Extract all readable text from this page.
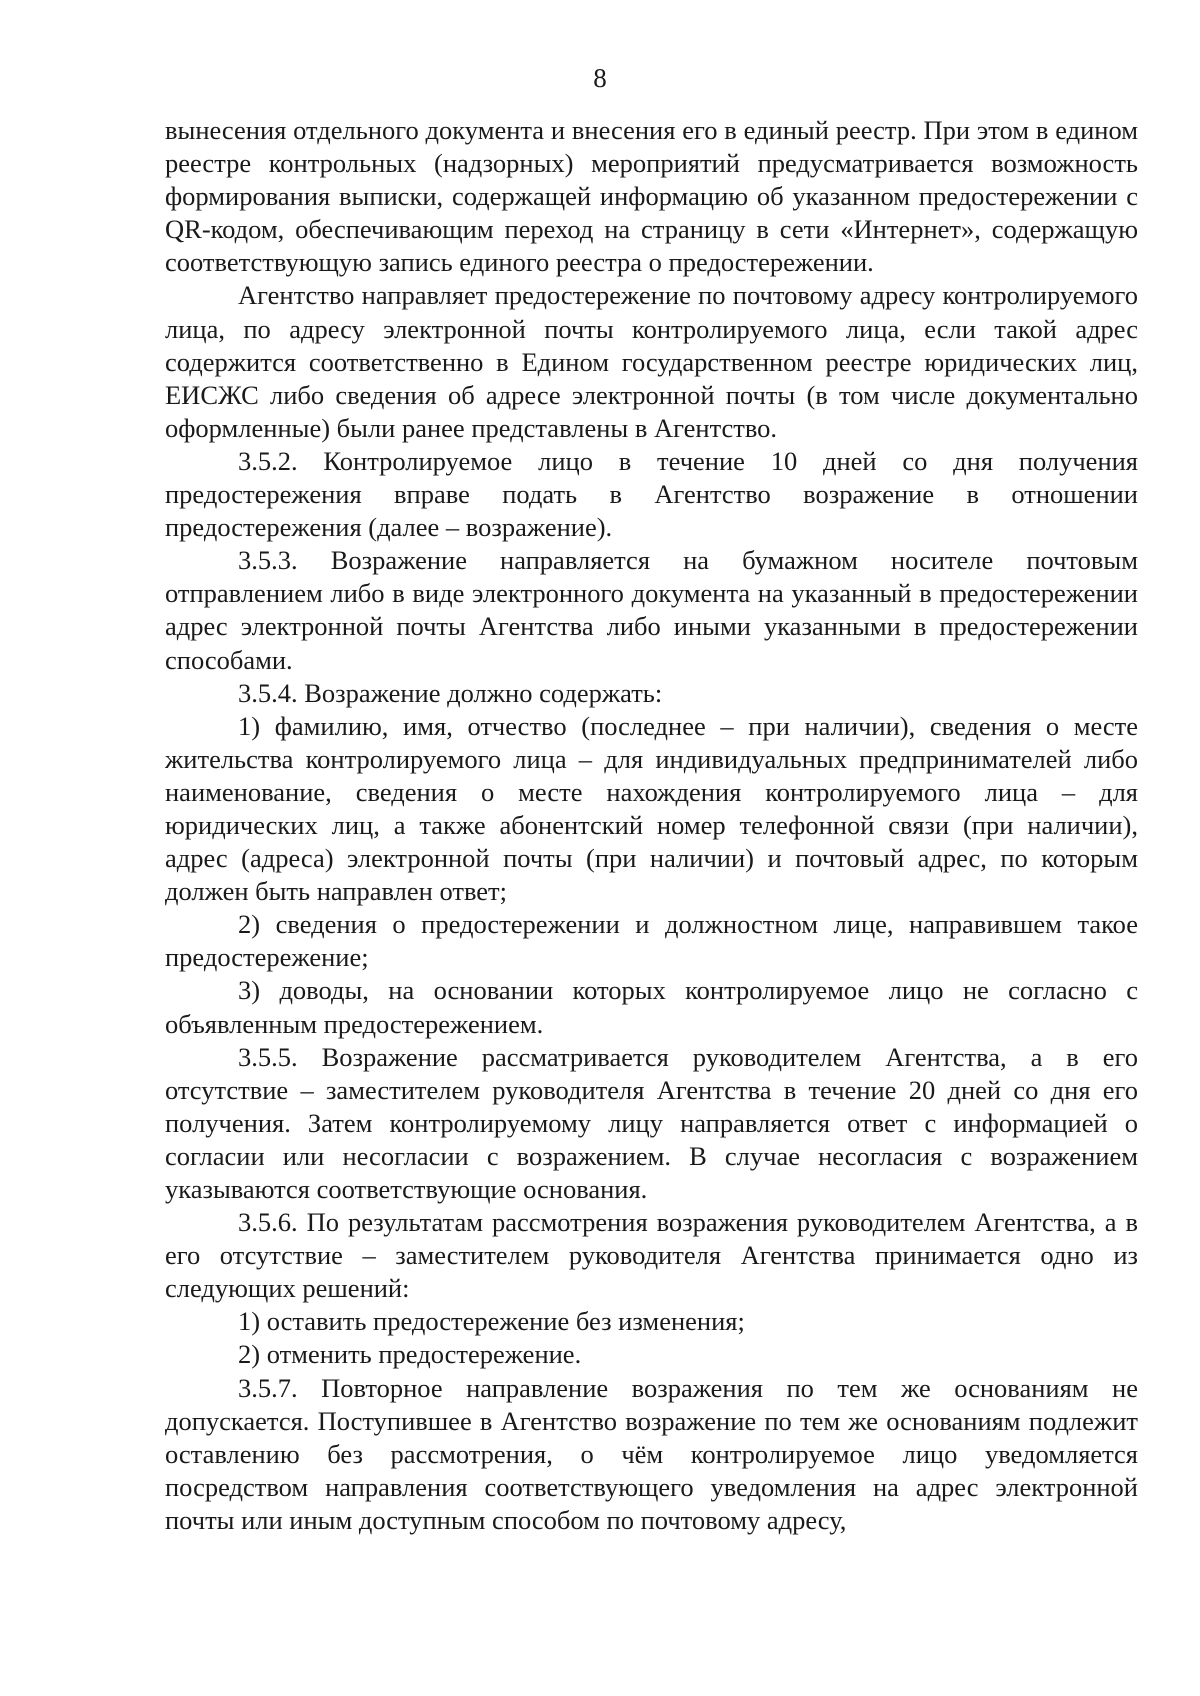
8

вынесения отдельного документа и внесения его в единый реестр. При этом в едином реестре контрольных (надзорных) мероприятий предусматривается возможность формирования выписки, содержащей информацию об указанном предостережении с QR-кодом, обеспечивающим переход на страницу в сети «Интернет», содержащую соответствующую запись единого реестра о предостережении.

Агентство направляет предостережение по почтовому адресу контролируемого лица, по адресу электронной почты контролируемого лица, если такой адрес содержится соответственно в Едином государственном реестре юридических лиц, ЕИСЖС либо сведения об адресе электронной почты (в том числе документально оформленные) были ранее представлены в Агентство.

3.5.2. Контролируемое лицо в течение 10 дней со дня получения предостережения вправе подать в Агентство возражение в отношении предостережения (далее – возражение).

3.5.3. Возражение направляется на бумажном носителе почтовым отправлением либо в виде электронного документа на указанный в предостережении адрес электронной почты Агентства либо иными указанными в предостережении способами.

3.5.4. Возражение должно содержать:

1) фамилию, имя, отчество (последнее – при наличии), сведения о месте жительства контролируемого лица – для индивидуальных предпринимателей либо наименование, сведения о месте нахождения контролируемого лица – для юридических лиц, а также абонентский номер телефонной связи (при наличии), адрес (адреса) электронной почты (при наличии) и почтовый адрес, по которым должен быть направлен ответ;

2) сведения о предостережении и должностном лице, направившем такое предостережение;

3) доводы, на основании которых контролируемое лицо не согласно с объявленным предостережением.

3.5.5. Возражение рассматривается руководителем Агентства, а в его отсутствие – заместителем руководителя Агентства в течение 20 дней со дня его получения. Затем контролируемому лицу направляется ответ с информацией о согласии или несогласии с возражением. В случае несогласия с возражением указываются соответствующие основания.

3.5.6. По результатам рассмотрения возражения руководителем Агентства, а в его отсутствие – заместителем руководителя Агентства принимается одно из следующих решений:

1) оставить предостережение без изменения;

2) отменить предостережение.

3.5.7. Повторное направление возражения по тем же основаниям не допускается. Поступившее в Агентство возражение по тем же основаниям подлежит оставлению без рассмотрения, о чём контролируемое лицо уведомляется посредством направления соответствующего уведомления на адрес электронной почты или иным доступным способом по почтовому адресу,
